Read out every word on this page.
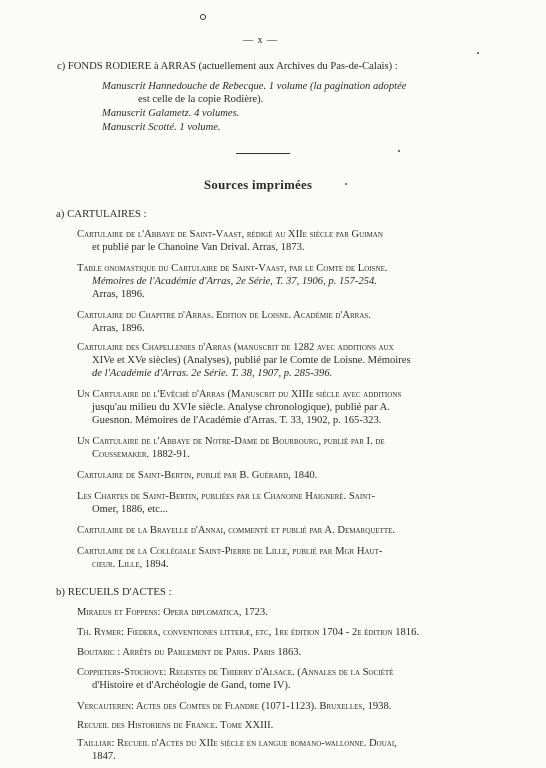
— x —
c) FONDS RODIERE à ARRAS (actuellement aux Archives du Pas-de-Calais) :
Manuscrit Hannedouche de Rebecque. 1 volume (la pagination adoptée
est celle de la copie Rodière).
Manuscrit Galametz. 4 volumes.
Manuscrit Scotté. 1 volume.
Sources imprimées
a) CARTULAIRES :
Cartulaire de l'Abbaye de Saint-Vaast, rédigé au XIIe siècle par Guiman
et publié par le Chanoine Van Drival. Arras, 1873.
Table onomastique du Cartulaire de Saint-Vaast, par le Comte de Loisne.
Mémoires de l'Académie d'Arras, 2e Série, T. 37, 1906, p. 157-254.
Arras, 1896.
Cartulaire du Chapitre d'Arras. Edition de Loisne. Académie d'Arras.
Arras, 1896.
Cartulaire des Chapellenies d'Arras (manuscrit de 1282 avec additions aux
XIVe et XVe siècles) (Analyses), publié par le Comte de Loisne. Mémoires
de l'Académie d'Arras. 2e Série. T. 38, 1907, p. 285-396.
Un Cartulaire de l'Evêché d'Arras (Manuscrit du XIIIe siècle avec additions
jusqu'au milieu du XVIe siècle. Analyse chronologique), publié par A.
Guesnon. Mémoires de l'Académie d'Arras. T. 33, 1902, p. 165-323.
Un Cartulaire de l'Abbaye de Notre-Dame de Bourbourg, publié par I. de
Coussemaker. 1882-91.
Cartulaire de Saint-Bertin, publié par B. Guérard, 1840.
Les Chartes de Saint-Bertin, publiées par le Chanoine Haigneré. Saint-
Omer, 1886, etc...
Cartulaire de la Brayelle d'Annai, commenté et publié par A. Demarquette.
Cartulaire de la Collégiale Saint-Pierre de Lille, publié par Mgr Haut-
cœur. Lille, 1894.
b) RECUEILS D'ACTES :
Miraeus et Foppens: Opera diplomatica, 1723.
Th. Rymer: Fœdera, conventiones litteræ, etc, 1re édition 1704 - 2e édition 1816.
Boutaric : Arrêts du Parlement de Paris. Paris 1863.
Coppieters-Stochove: Regestes de Thierry d'Alsace. (Annales de la Société
d'Histoire et d'Archéologie de Gand, tome IV).
Vercauteren: Actes des Comtes de Flandre (1071-1123). Bruxelles, 1938.
Recueil des Historiens de France. Tome XXIII.
Tailliar: Recueil d'Actes du XIIe siècle en langue romano-wallonne. Douai,
1847.
